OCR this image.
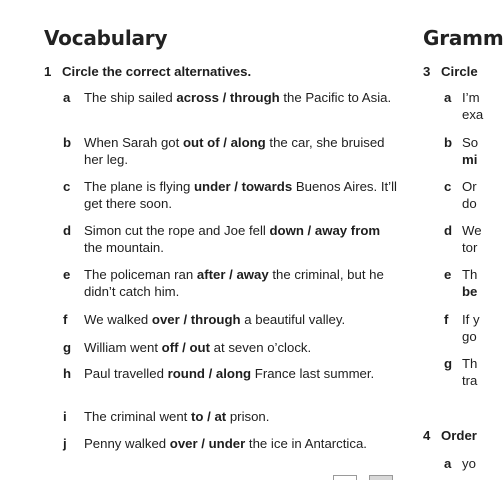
Vocabulary

1 Circle the correct alternatives.

a The ship sailed across / through the Pacific to Asia.
b When Sarah got out of / along the car, she bruised her leg.
c The plane is flying under / towards Buenos Aires. It’ll get there soon.
d Simon cut the rope and Joe fell down / away from the mountain.
e The policeman ran after / away the criminal, but he didn’t catch him.
f We walked over / through a beautiful valley.
g William went off / out at seven o’clock.
h Paul travelled round / along France last summer.
i The criminal went to / at prison.
j Penny walked over / under the ice in Antarctica.
Gramm

3 Circle

a I’m
exa
b So
mi
c Or
do
d We
tor
e Th
be
f If y
go
g Th
tra

4 Order

a yo
